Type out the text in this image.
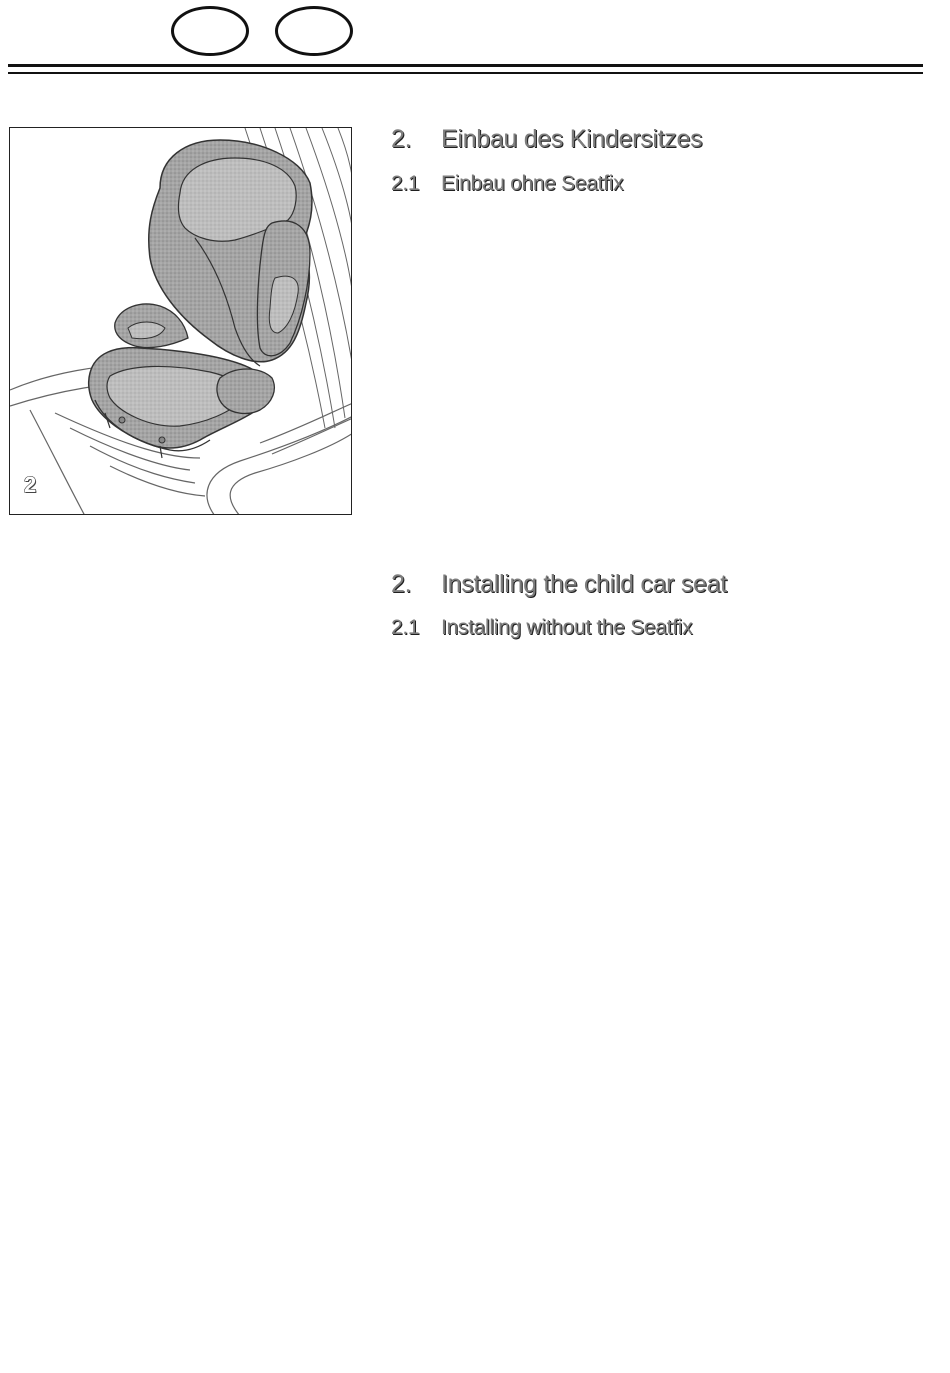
2
2.	Einbau des Kindersitzes
2.1	Einbau ohne Seatfix
2.	Installing the child car seat
2.1	Installing without the Seatfix
